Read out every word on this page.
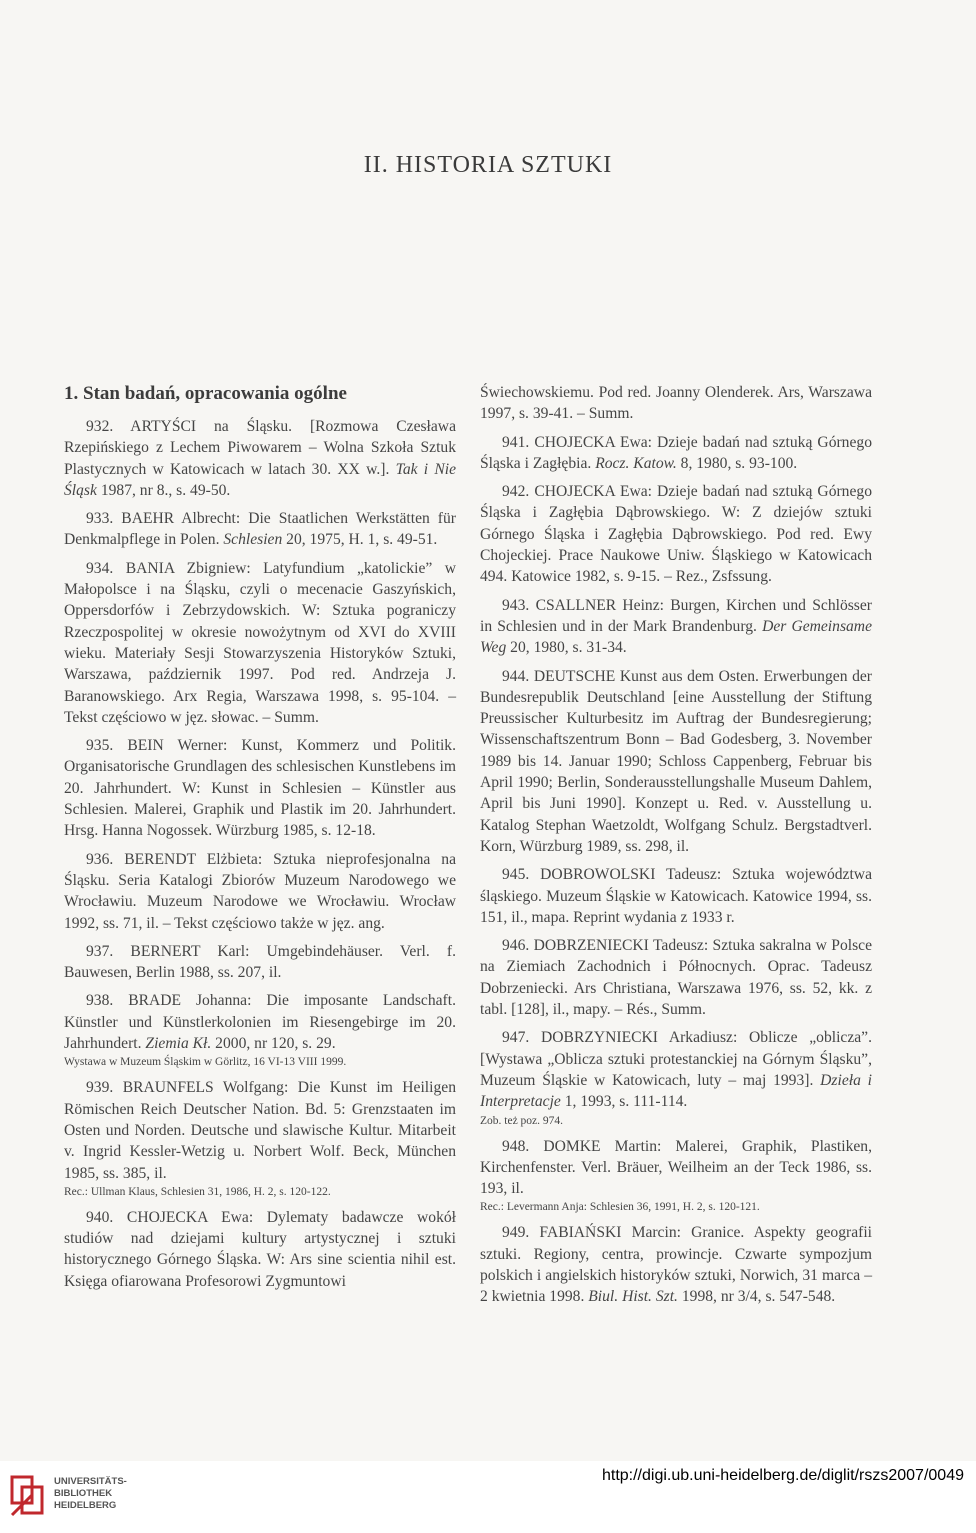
II. HISTORIA SZTUKI
1. Stan badań, opracowania ogólne

932. ARTYŚCI na Śląsku. [Rozmowa Czesława Rzepińskiego z Lechem Piwowarem – Wolna Szkoła Sztuk Plastycznych w Katowicach w latach 30. XX w.]. Tak i Nie Śląsk 1987, nr 8., s. 49-50.

933. BAEHR Albrecht: Die Staatlichen Werkstätten für Denkmalpflege in Polen. Schlesien 20, 1975, H. 1, s. 49-51.

934. BANIA Zbigniew: Latyfundium „katolickie” w Małopolsce i na Śląsku, czyli o mecenacie Gaszyńskich, Oppersdorfów i Zebrzydowskich. W: Sztuka pograniczy Rzeczpospolitej w okresie nowożytnym od XVI do XVIII wieku. Materiały Sesji Stowarzyszenia Historyków Sztuki, Warszawa, październik 1997. Pod red. Andrzeja J. Baranowskiego. Arx Regia, Warszawa 1998, s. 95-104. – Tekst częściowo w jęz. słowac. – Summ.

935. BEIN Werner: Kunst, Kommerz und Politik. Organisatorische Grundlagen des schlesischen Kunstlebens im 20. Jahrhundert. W: Kunst in Schlesien – Künstler aus Schlesien. Malerei, Graphik und Plastik im 20. Jahrhundert. Hrsg. Hanna Nogossek. Würzburg 1985, s. 12-18.

936. BERENDT Elżbieta: Sztuka nieprofesjonalna na Śląsku. Seria Katalogi Zbiorów Muzeum Narodowego we Wrocławiu. Muzeum Narodowe we Wrocławiu. Wrocław 1992, ss. 71, il. – Tekst częściowo także w jęz. ang.

937. BERNERT Karl: Umgebindehäuser. Verl. f. Bauwesen, Berlin 1988, ss. 207, il.

938. BRADE Johanna: Die imposante Landschaft. Künstler und Künstlerkolonien im Riesengebirge im 20. Jahrhundert. Ziemia Kł. 2000, nr 120, s. 29.

Wystawa w Muzeum Śląskim w Görlitz, 16 VI-13 VIII 1999.

939. BRAUNFELS Wolfgang: Die Kunst im Heiligen Römischen Reich Deutscher Nation. Bd. 5: Grenzstaaten im Osten und Norden. Deutsche und slawische Kultur. Mitarbeit v. Ingrid Kessler-Wetzig u. Norbert Wolf. Beck, München 1985, ss. 385, il.

Rec.: Ullman Klaus, Schlesien 31, 1986, H. 2, s. 120-122.

940. CHOJECKA Ewa: Dylematy badawcze wokół studiów nad dziejami kultury artystycznej i sztuki historycznego Górnego Śląska. W: Ars sine scientia nihil est. Księga ofiarowana Profesorowi Zygmuntowi

Świechowskiemu. Pod red. Joanny Olenderek. Ars, Warszawa 1997, s. 39-41. – Summ.

941. CHOJECKA Ewa: Dzieje badań nad sztuką Górnego Śląska i Zagłębia. Rocz. Katow. 8, 1980, s. 93-100.

942. CHOJECKA Ewa: Dzieje badań nad sztuką Górnego Śląska i Zagłębia Dąbrowskiego. W: Z dziejów sztuki Górnego Śląska i Zagłębia Dąbrowskiego. Pod red. Ewy Chojeckiej. Prace Naukowe Uniw. Śląskiego w Katowicach 494. Katowice 1982, s. 9-15. – Rez., Zsfssung.

943. CSALLNER Heinz: Burgen, Kirchen und Schlösser in Schlesien und in der Mark Brandenburg. Der Gemeinsame Weg 20, 1980, s. 31-34.

944. DEUTSCHE Kunst aus dem Osten. Erwerbungen der Bundesrepublik Deutschland [eine Ausstellung der Stiftung Preussischer Kulturbesitz im Auftrag der Bundesregierung; Wissenschaftszentrum Bonn – Bad Godesberg, 3. November 1989 bis 14. Januar 1990; Schloss Cappenberg, Februar bis April 1990; Berlin, Sonderausstellungshalle Museum Dahlem, April bis Juni 1990]. Konzept u. Red. v. Ausstellung u. Katalog Stephan Waetzoldt, Wolfgang Schulz. Bergstadtverl. Korn, Würzburg 1989, ss. 298, il.

945. DOBROWOLSKI Tadeusz: Sztuka województwa śląskiego. Muzeum Śląskie w Katowicach. Katowice 1994, ss. 151, il., mapa. Reprint wydania z 1933 r.

946. DOBRZENIECKI Tadeusz: Sztuka sakralna w Polsce na Ziemiach Zachodnich i Północnych. Oprac. Tadeusz Dobrzeniecki. Ars Christiana, Warszawa 1976, ss. 52, kk. z tabl. [128], il., mapy. – Rés., Summ.

947. DOBRZYNIECKI Arkadiusz: Oblicze „oblicza”. [Wystawa „Oblicza sztuki protestanckiej na Górnym Śląsku”, Muzeum Śląskie w Katowicach, luty – maj 1993]. Dzieła i Interpretacje 1, 1993, s. 111-114.

Zob. też poz. 974.

948. DOMKE Martin: Malerei, Graphik, Plastiken, Kirchenfenster. Verl. Bräuer, Weilheim an der Teck 1986, ss. 193, il.

Rec.: Levermann Anja: Schlesien 36, 1991, H. 2, s. 120-121.

949. FABIAŃSKI Marcin: Granice. Aspekty geografii sztuki. Regiony, centra, prowincje. Czwarte sympozjum polskich i angielskich historyków sztuki, Norwich, 31 marca – 2 kwietnia 1998. Biul. Hist. Szt. 1998, nr 3/4, s. 547-548.

UNIVERSITÄTS-
BIBLIOTHEK
HEIDELBERG
http://digi.ub.uni-heidelberg.de/diglit/rszs2007/0049
